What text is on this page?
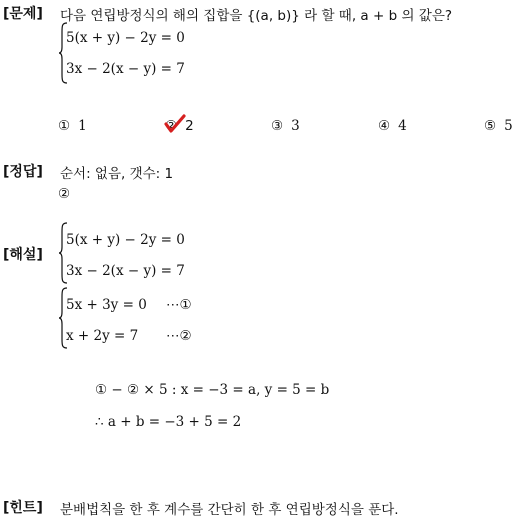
[문제] 다음 연립방정식의 해의 집합을 {(a, b)} 라 할 때, a + b 의 값은?
5(x + y) − 2y = 0
3x − 2(x − y) = 7
① 1	② 2	③ 3	④ 4	⑤ 5
[정답] 순서: 없음, 갯수: 1
②
[해설]
5(x + y) − 2y = 0
3x − 2(x − y) = 7
5x + 3y = 0 ⋯①
x + 2y = 7 ⋯②
① − ② × 5 : x = −3 = a, y = 5 = b
∴ a + b = −3 + 5 = 2
[힌트] 분배법칙을 한 후 계수를 간단히 한 후 연립방정식을 푼다.
